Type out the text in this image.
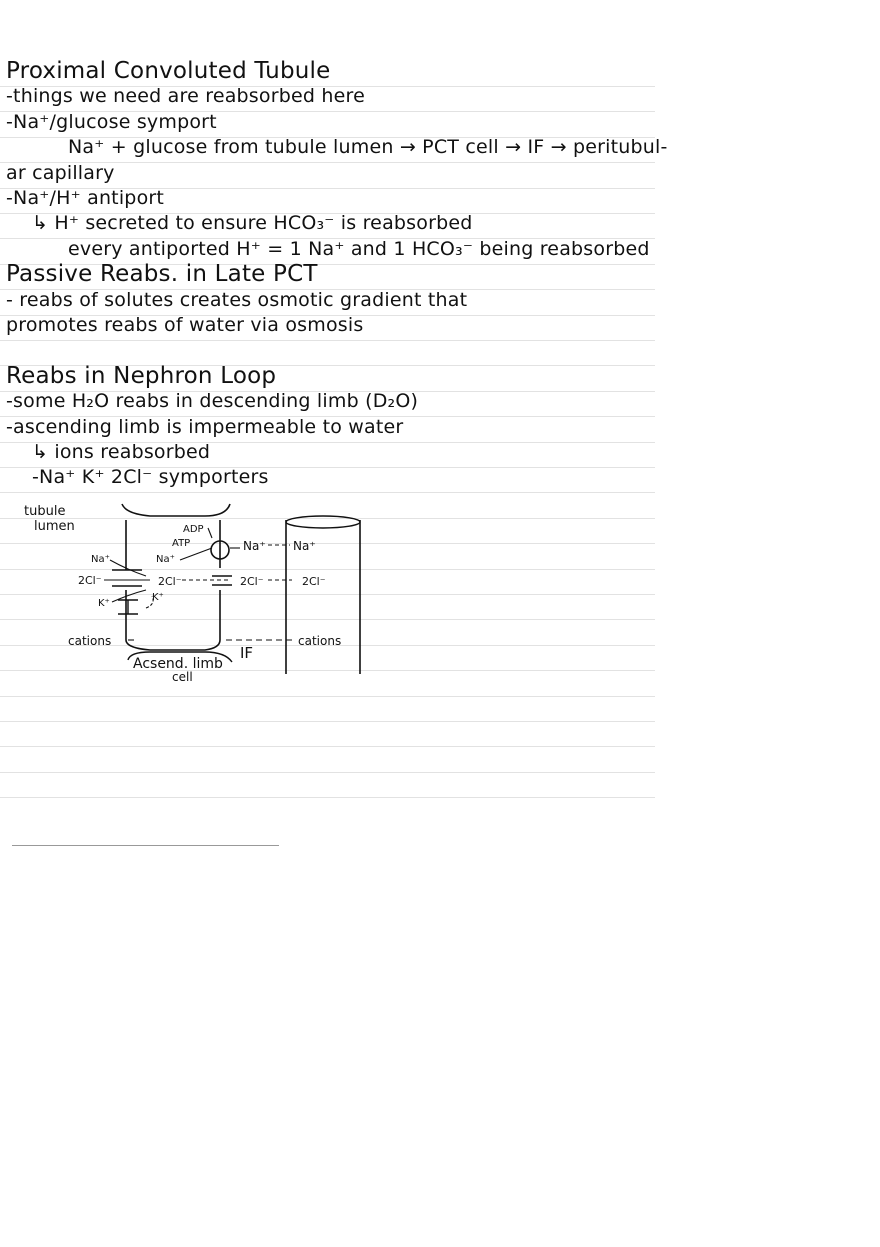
Proximal Convoluted Tubule
-things we need are reabsorbed here
-Na⁺/glucose symport
Na⁺ + glucose from tubule lumen → PCT cell → IF → peritubul-
ar capillary
-Na⁺/H⁺ antiport
↳ H⁺ secreted to ensure HCO₃⁻ is reabsorbed
every antiported H⁺ = 1 Na⁺ and 1 HCO₃⁻ being reabsorbed
Passive Reabs. in Late PCT
- reabs of solutes creates osmotic gradient that
promotes reabs of water via osmosis
Reabs in Nephron Loop
-some H₂O reabs in descending limb (D₂O)
-ascending limb is impermeable to water
↳ ions reabsorbed
-Na⁺ K⁺ 2Cl⁻ symporters
tubule
lumen	ADP
ATP
Na⁺	Na⁺
Na⁺ Na⁺
2Cl⁻	2Cl⁻	2Cl⁻	2Cl⁻
K⁺
K⁺
cations	cations
IF
Acsend. limb
cell
